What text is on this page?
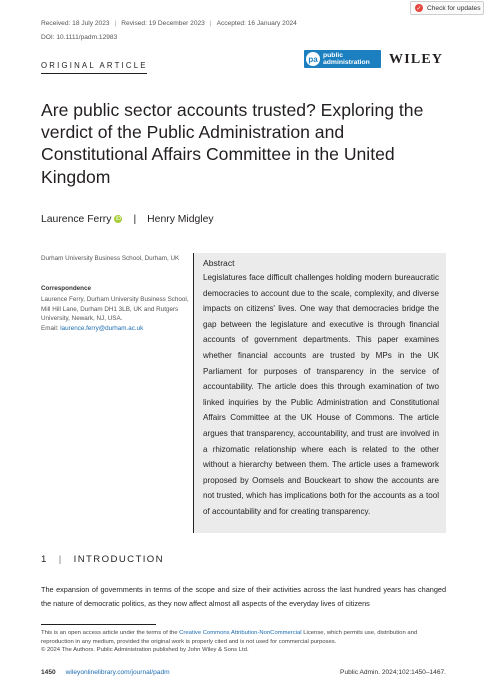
Received: 18 July 2023 | Revised: 19 December 2023 | Accepted: 16 January 2024
DOI: 10.1111/padm.12983
✓ Check for updates
ORIGINAL ARTICLE
pa public
administration WILEY
Are public sector accounts trusted? Exploring the verdict of the Public Administration and Constitutional Affairs Committee in the United Kingdom
Laurence Ferry iD | Henry Midgley
Durham University Business School, Durham, UK
Correspondence
Laurence Ferry, Durham University Business School, Mill Hill Lane, Durham DH1 3LB, UK and Rutgers University, Newark, NJ, USA.
Email: laurence.ferry@durham.ac.uk
Abstract
Legislatures face difficult challenges holding modern bureaucratic democracies to account due to the scale, complexity, and diverse impacts on citizens' lives. One way that democracies bridge the gap between the legislature and executive is through financial accounts of government departments. This paper examines whether financial accounts are trusted by MPs in the UK Parliament for purposes of transparency in the service of accountability. The article does this through examination of two linked inquiries by the Public Administration and Constitutional Affairs Committee at the UK House of Commons. The article argues that transparency, accountability, and trust are involved in a rhizomatic relationship where each is related to the other without a hierarchy between them. The article uses a framework proposed by Oomsels and Bouckeart to show the accounts are not trusted, which has implications both for the accounts as a tool of accountability and for creating transparency.
1 | INTRODUCTION
The expansion of governments in terms of the scope and size of their activities across the last hundred years has changed the nature of democratic politics, as they now affect almost all aspects of the everyday lives of citizens
This is an open access article under the terms of the Creative Commons Attribution-NonCommercial License, which permits use, distribution and reproduction in any medium, provided the original work is properly cited and is not used for commercial purposes.
© 2024 The Authors. Public Administration published by John Wiley & Sons Ltd.
1450 wileyonlinelibrary.com/journal/padm	Public Admin. 2024;102:1450–1467.
